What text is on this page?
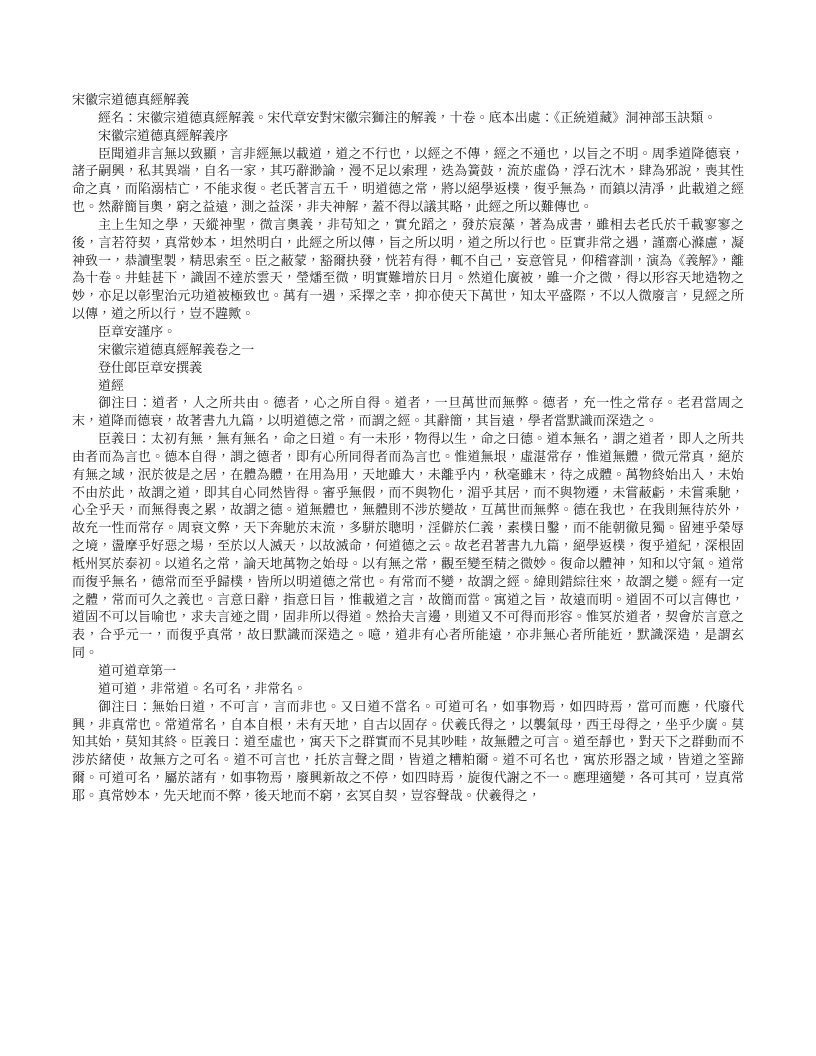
宋徽宗道德真經解義

經名：宋徽宗道德真經解義。宋代章安對宋徽宗獅注的解義，十卷。底本出處：《正統道藏》洞神部玉訣類。

宋徽宗道德真經解義序

臣聞道非言無以致顯，言非經無以載道，道之不行也，以經之不傳，經之不通也，以旨之不明。周季道降德衰，諸子嗣興，私其異端，自名一家，其巧辭渺論，漫不足以索理，迭為簧鼓，流於虛偽，浮石沈木，肆為邪說，喪其性命之真，而陷溺桔亡，不能求復。老氏著言五千，明道德之常，將以絕學返樸，復乎無為，而鎮以清凈，此載道之經也。然辭簡旨奧，窮之益遠，測之益深，非夫神解，蓋不得以議其略，此經之所以難傳也。

主上生知之學，天縱神聖，微言奧義，非苟知之，實允蹈之，發於宸藻，著為成書，雖相去老氏於千載寥寥之後，言若符契，真常妙本，坦然明白，此經之所以傳，旨之所以明，道之所以行也。臣實非常之遇，謹齋心滌慮，凝神致一，恭讀聖製，精思索至。臣之蔽蒙，豁爾抉發，恍若有得，輒不自己，妄意管見，仰稽睿訓，演為《義解》，離為十卷。井蛙甚下，識固不達於雲天，瑩燔至微，明實難增於日月。然道化廣被，雖一介之微，得以形容天地造物之妙，亦足以彰聖治元功道被極致也。萬有一遇，采擇之幸，抑亦使天下萬世，知太平盛際，不以人微廢言，見經之所以傳，道之所以行，豈不韙歟。

臣章安謹序。

宋徽宗道德真經解義卷之一

登仕郎臣章安撰義

道經

御注曰：道者，人之所共由。德者，心之所自得。道者，一旦萬世而無弊。德者，充一性之常存。老君當周之末，道降而德衰，故著書九九篇，以明道德之常，而謂之經。其辭簡，其旨遠，學者當默識而深造之。

臣義曰：太初有無，無有無名，命之曰道。有一未形，物得以生，命之曰德。道本無名，謂之道者，即人之所共由者而為言也。德本自得，謂之德者，即有心所同得者而為言也。惟道無垠，虛湛常存，惟道無體，微元常真，絕於有無之域，泯於彼是之居，在體為體，在用為用，天地雖大，未離乎内，秋毫雖末，待之成體。萬物終始出入，未始不由於此，故謂之道，即其自心同然皆得。審乎無假，而不與物化，湄乎其居，而不與物遷，未嘗蔽虧，未嘗乘馳，心全乎天，而無得喪之累，故謂之德。道無體也，無體則不涉於變故，互萬世而無弊。德在我也，在我則無待於外，故充一性而常存。周衰文弊，天下奔馳於末流，多駢於聰明，淫僻於仁義，素樸日鑿，而不能朝徹見獨。留連乎榮辱之境，盪摩乎好惡之場，至於以人滅天，以故滅命，何道德之云。故老君著書九九篇，絕學返樸，復乎道紀，深根固柢州冥於泰初。以道名之常，論天地萬物之始母。以有無之常，觀至變至精之微妙。復命以體神，知和以守氣。道常而復乎無名，德常而至乎歸樸，皆所以明道德之常也。有常而不變，故謂之經。緯則錯綜往來，故謂之變。經有一定之體，常而可久之義也。言意曰辭，指意曰旨，惟載道之言，故簡而當。寓道之旨，故遠而明。道固不可以言傳也，道固不可以旨喻也，求夫言迹之間，固非所以得道。然拾夫言邊，則道又不可得而形容。惟冥於道者，契會於言意之表，合乎元一，而復乎真常，故曰默識而深造之。噫，道非有心者所能遠，亦非無心者所能近，默識深造，是謂玄同。

道可道章第一

道可道，非常道。名可名，非常名。

御注曰：無始曰道，不可言，言而非也。又曰道不當名。可道可名，如事物焉，如四時焉，當可而應，代廢代興，非真常也。常道常名，自本自根，未有天地，自古以固存。伏羲氏得之，以襲氣母，西王母得之，坐乎少廣。莫知其始，莫知其終。臣義曰：道至虛也，寓天下之群實而不見其吵畦，故無體之可言。道至靜也，對天下之群動而不涉於緒使，故無方之可名。道不可言也，托於言聲之間，皆道之糟粕爾。道不可名也，寓於形器之域，皆道之筌蹄爾。可道可名，屬於諸有，如事物焉，廢興新故之不停，如四時焉，旋復代謝之不一。應理適變，各可其可，豈真常耶。真常妙本，先天地而不弊，後天地而不窮，玄冥自契，豈容聲哉。伏羲得之，
